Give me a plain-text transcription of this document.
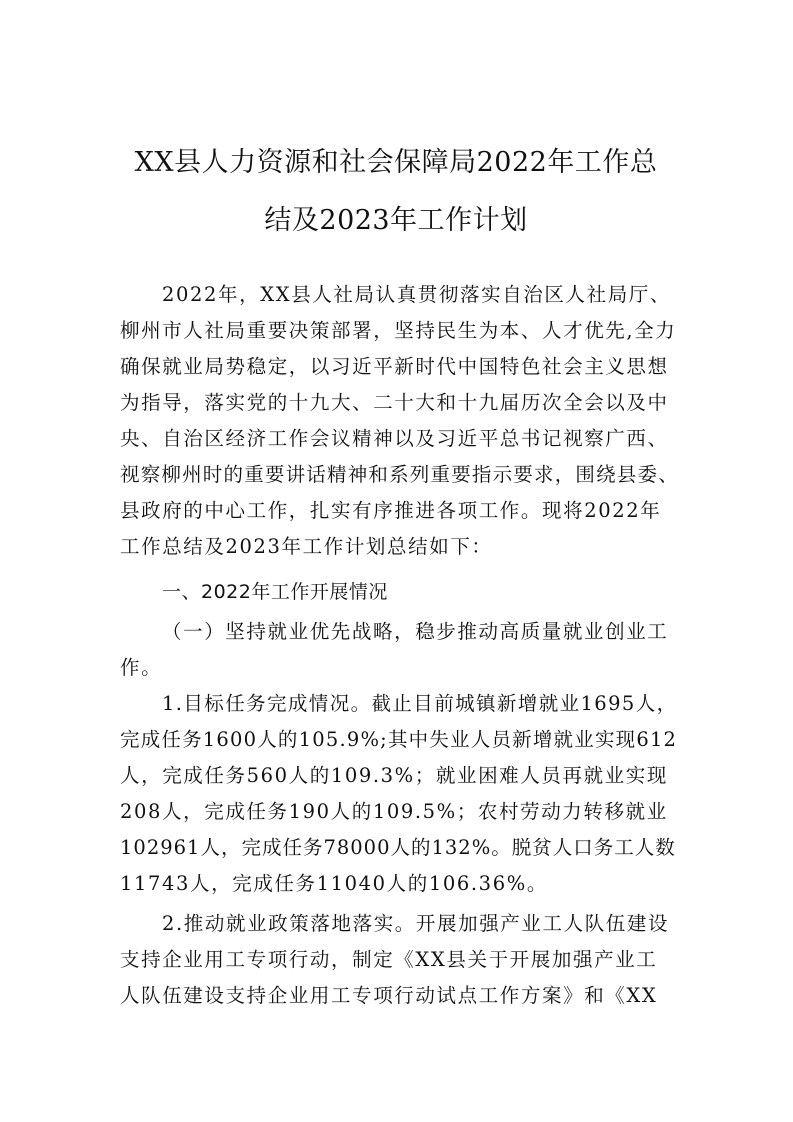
XX县人力资源和社会保障局2022年工作总
结及2023年工作计划
2022年，XX县人社局认真贯彻落实自治区人社局厅、
柳州市人社局重要决策部署，坚持民生为本、人才优先,全力
确保就业局势稳定，以习近平新时代中国特色社会主义思想
为指导，落实党的十九大、二十大和十九届历次全会以及中
央、自治区经济工作会议精神以及习近平总书记视察广西、
视察柳州时的重要讲话精神和系列重要指示要求，围绕县委、
县政府的中心工作，扎实有序推进各项工作。现将2022年
工作总结及2023年工作计划总结如下：
一、2022年工作开展情况
（一）坚持就业优先战略，稳步推动高质量就业创业工
作。
1.目标任务完成情况。截止目前城镇新增就业1695人，
完成任务1600人的105.9%;其中失业人员新增就业实现612
人，完成任务560人的109.3%；就业困难人员再就业实现
208人，完成任务190人的109.5%；农村劳动力转移就业
102961人，完成任务78000人的132%。脱贫人口务工人数
11743人，完成任务11040人的106.36%。
2.推动就业政策落地落实。开展加强产业工人队伍建设
支持企业用工专项行动，制定《XX县关于开展加强产业工
人队伍建设支持企业用工专项行动试点工作方案》和《XX
